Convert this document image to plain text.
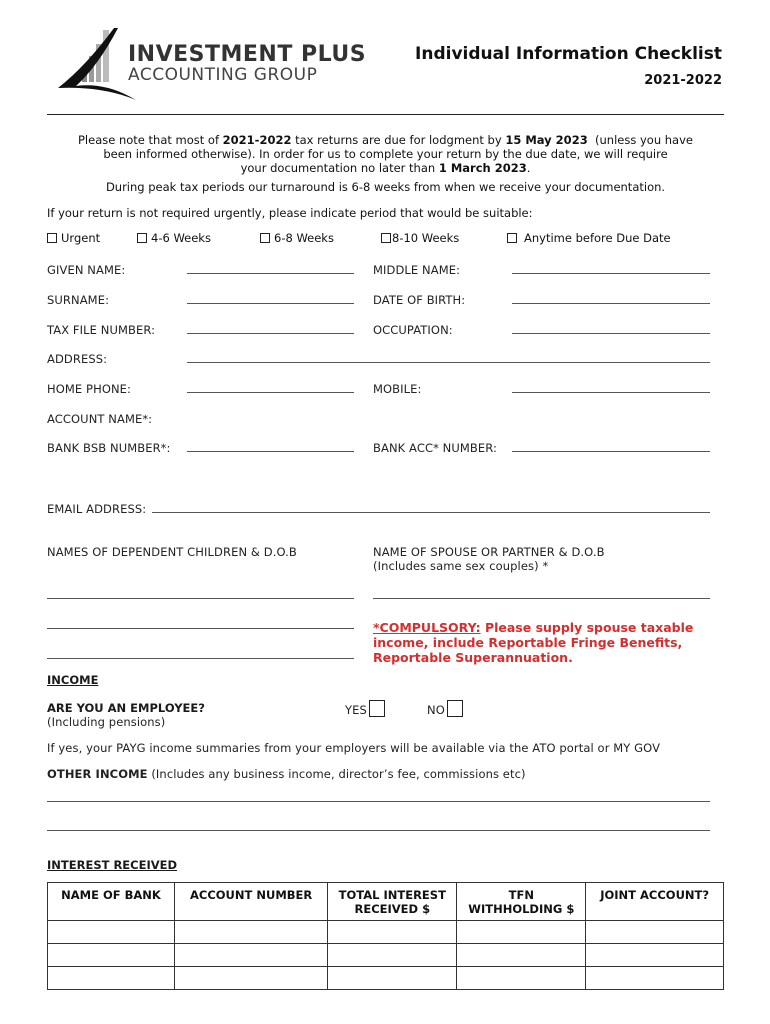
INVESTMENT PLUS
ACCOUNTING GROUP
Individual Information Checklist
2021-2022
Please note that most of 2021-2022 tax returns are due for lodgment by 15 May 2023  (unless you have
been informed otherwise). In order for us to complete your return by the due date, we will require
your documentation no later than 1 March 2023.
During peak tax periods our turnaround is 6-8 weeks from when we receive your documentation.
If your return is not required urgently, please indicate period that would be suitable:
Urgent	4-6 Weeks	6-8 Weeks	8-10 Weeks	Anytime before Due Date
GIVEN NAME:	MIDDLE NAME:
SURNAME:	DATE OF BIRTH:
TAX FILE NUMBER:	OCCUPATION:
ADDRESS:
HOME PHONE:	MOBILE:
ACCOUNT NAME*:
BANK BSB NUMBER*:	BANK ACC* NUMBER:
EMAIL ADDRESS:
NAMES OF DEPENDENT CHILDREN & D.O.B	NAME OF SPOUSE OR PARTNER & D.O.B
(Includes same sex couples) *
*COMPULSORY: Please supply spouse taxable
income, include Reportable Fringe Benefits,
Reportable Superannuation.
INCOME
ARE YOU AN EMPLOYEE?
(Including pensions)
YES	NO
If yes, your PAYG income summaries from your employers will be available via the ATO portal or MY GOV
OTHER INCOME (Includes any business income, director’s fee, commissions etc)
INTEREST RECEIVED
NAME OF BANK	ACCOUNT NUMBER	TOTAL INTEREST RECEIVED $	TFN WITHHOLDING $	JOINT ACCOUNT?
